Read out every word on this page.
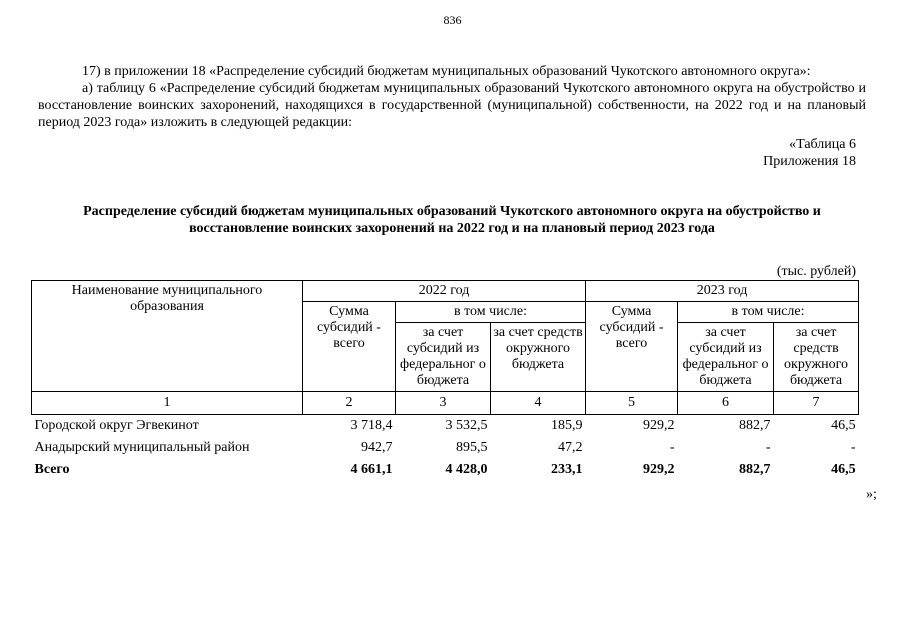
836
17) в приложении 18 «Распределение субсидий бюджетам муниципальных образований Чукотского автономного округа»:
а) таблицу 6 «Распределение субсидий бюджетам муниципальных образований Чукотского автономного округа на обустройство и восстановление воинских захоронений, находящихся в государственной (муниципальной) собственности, на 2022 год и на плановый период 2023 года» изложить в следующей редакции:
«Таблица 6
Приложения 18
Распределение субсидий бюджетам муниципальных образований Чукотского автономного округа на обустройство и восстановление воинских захоронений на 2022 год и на плановый период 2023 года
(тыс. рублей)
Наименование муниципального образования	2022 год			2023 год		
	Сумма субсидий - всего	в том числе:		Сумма субсидий - всего	в том числе:	
		за счет субсидий из федеральног о бюджета	за счет средств окружного бюджета		за счет субсидий из федеральног о бюджета	за счет средств окружного бюджета
1	2	3	4	5	6	7
Городской округ Эгвекинот	3 718,4	3 532,5	185,9	929,2	882,7	46,5
Анадырский муниципальный район	942,7	895,5	47,2	-	-	-
Всего	4 661,1	4 428,0	233,1	929,2	882,7	46,5
»;
